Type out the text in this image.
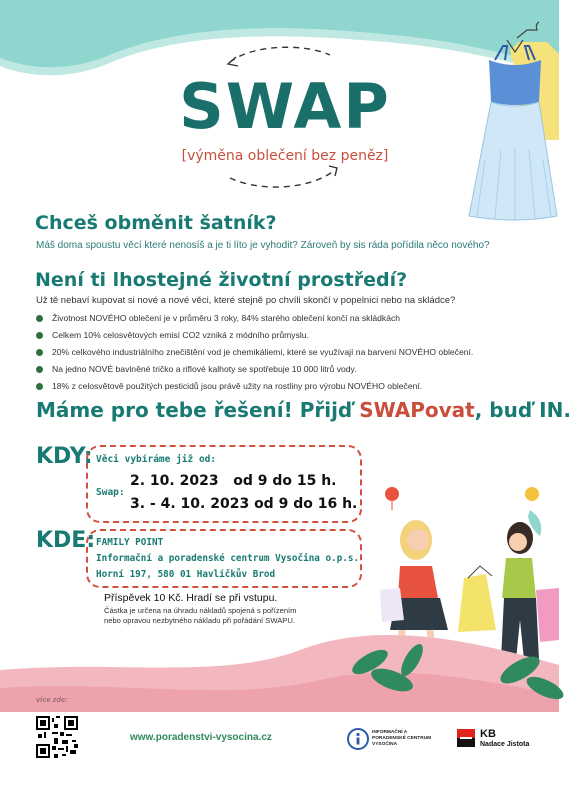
SWAP
[výměna oblečení bez peněz]
Chceš obměnit šatník?
Máš doma spoustu věcí které nenosíš a je ti líto je vyhodit? Zároveň by sis ráda pořídila něco nového?
Není ti lhostejné životní prostředí?
Už tě nebaví kupovat si nové a nové věci, které stejně po chvíli skončí v popelnici nebo na skládce?
Životnost NOVÉHO oblečení je v průměru 3 roky, 84% starého oblečení končí na skládkách
Celkem 10% celosvětových emisí CO2 vzniká z módního průmyslu.
20% celkového industriálního znečištění vod je chemikáliemi, které se využívají na barvení NOVÉHO oblečení.
Na jedno NOVÉ bavlněné tričko a riflové kalhoty se spotřebuje 10 000 litrů vody.
18% z celosvětově použitých pesticidů jsou právě užity na rostliny pro výrobu NOVÉHO oblečení.
Máme pro tebe řešení! Přijď SWAPovat, buď IN.
KDY: Věci vybíráme již od:
Swap:
2. 10. 2023   od 9 do 15 h.
3. - 4. 10. 2023 od 9 do 16 h.
KDE: FAMILY POINT
Informační a poradenské centrum Vysočina o.p.s.
Horní 197, 580 01 Havlíčkův Brod
Příspěvek 10 Kč. Hradí se při vstupu.
Částka je určena na úhradu nákladů spojená s pořízením nebo opravou nezbytného nákladu při pořádání SWAPU.
více zde:
www.poradenstvi-vysocina.cz	INFORMAČNÍ A PORADENSKÉ CENTRUM VYSOČINA
KB
Nadace Jistota
